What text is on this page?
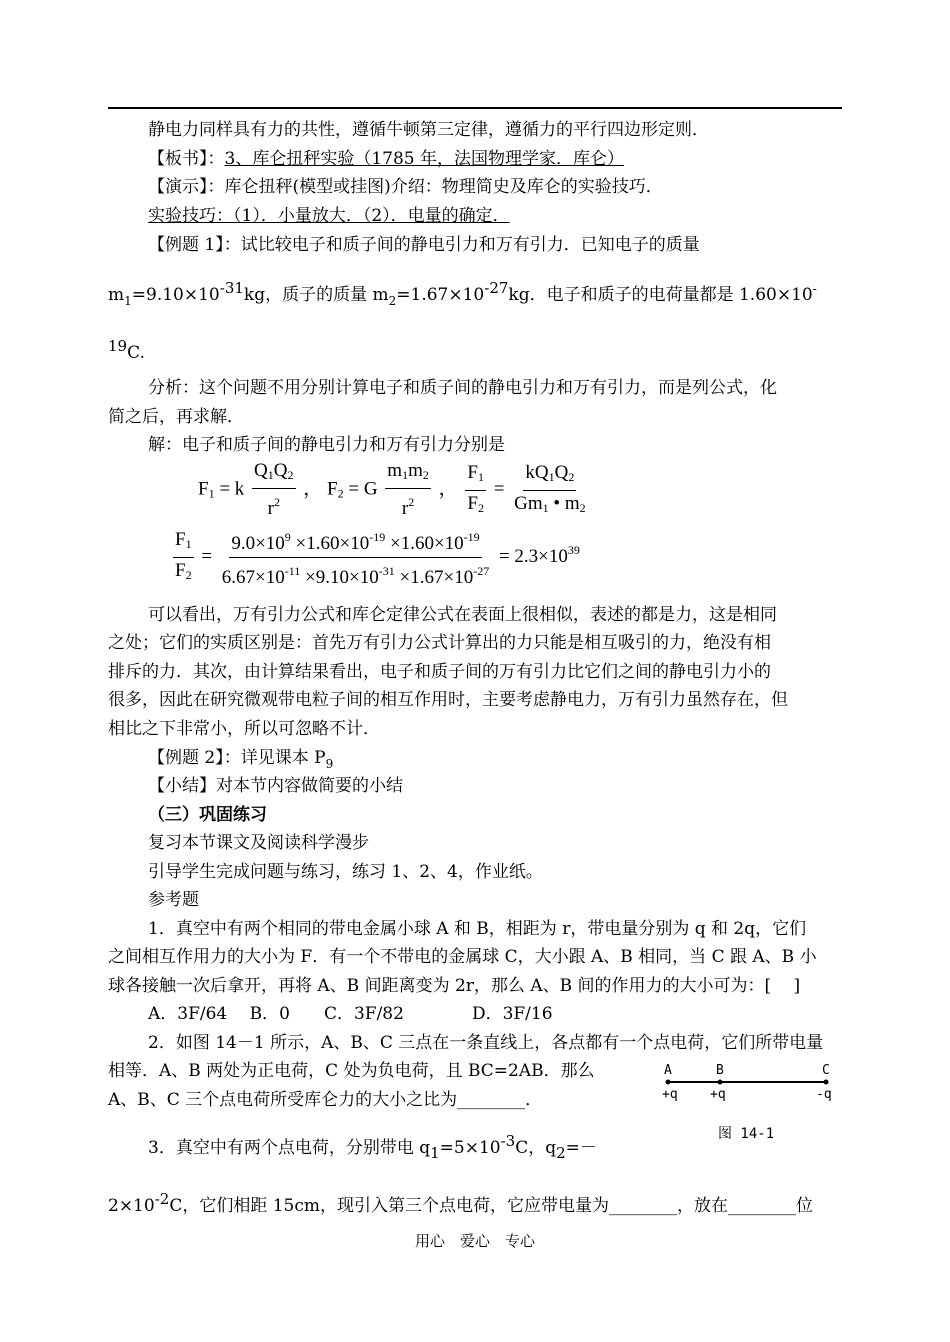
静电力同样具有力的共性，遵循牛顿第三定律，遵循力的平行四边形定则．
【板书】：3、库仑扭秤实验（1785 年，法国物理学家．库仑）
【演示】：库仑扭秤(模型或挂图)介绍：物理简史及库仑的实验技巧．
实验技巧：（1）．小量放大．（2）．电量的确定．
【例题 1】：试比较电子和质子间的静电引力和万有引力．已知电子的质量
$m_1=9.10\times 10^{-31}kg$，质子的质量 $m_2=1.67\times 10^{-27}kg$．电子和质子的电荷量都是 1.60×10-
$^{19}$C.
分析：这个问题不用分别计算电子和质子间的静电引力和万有引力，而是列公式，化
简之后，再求解．
解：电子和质子间的静电引力和万有引力分别是
$F_1 = k \frac{Q_1Q_2}{r^2}$ ， $F_2 = G \frac{m_1m_2}{r^2}$ ， $\frac{F_1}{F_2} = \frac{kQ_1Q_2}{Gm_1 • m_2}$
$\frac{F_1}{F_2} = \frac{9.0\times 10^9 \times 1.60\times 10^{-19} \times 1.60\times 10^{-19}}{6.67\times 10^{-11} \times 9.10\times 10^{-31} \times 1.67\times 10^{-27}} = 2.3\times 10^{39}$
可以看出，万有引力公式和库仑定律公式在表面上很相似，表述的都是力，这是相同
之处；它们的实质区别是：首先万有引力公式计算出的力只能是相互吸引的力，绝没有相
排斥的力．其次，由计算结果看出，电子和质子间的万有引力比它们之间的静电引力小的
很多，因此在研究微观带电粒子间的相互作用时，主要考虑静电力，万有引力虽然存在，但
相比之下非常小，所以可忽略不计．
【例题 2】：详见课本 $P_9$
【小结】对本节内容做简要的小结
（三）巩固练习
复习本节课文及阅读科学漫步
引导学生完成问题与练习，练习 1、2、4，作业纸。
参考题
1．真空中有两个相同的带电金属小球 A 和 B，相距为 r，带电量分别为 q 和 2q，它们
之间相互作用力的大小为 F．有一个不带电的金属球 C，大小跟 A、B 相同，当 C 跟 A、B 小
球各接触一次后拿开，再将 A、B 间距离变为 2r，那么 A、B 间的作用力的大小可为：[　 ]
A．3F/64　 B．0　　C．3F/82　　　　D．3F/16
2．如图 14－1 所示，A、B、C 三点在一条直线上，各点都有一个点电荷，它们所带电量
相等．A、B 两处为正电荷，C 处为负电荷，且 BC=2AB．那么
A、B、C 三个点电荷所受库仑力的大小之比为________．
3．真空中有两个点电荷，分别带电 $q_1=5\times 10^{-3}C$，$q_2=-$
$2\times 10^{-2}C$，它们相距 15cm，现引入第三个点电荷，它应带电量为________，放在________位
A	B	C
+q +q	-q
图 14-1
用心　爱心　专心
